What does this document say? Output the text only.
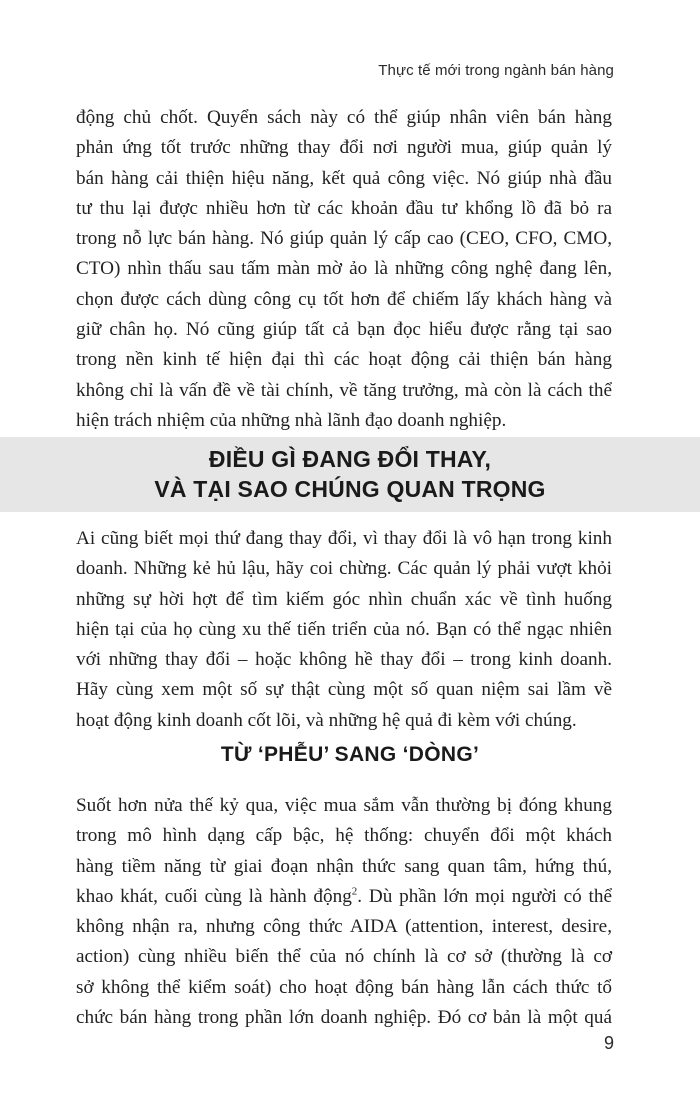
Thực tế mới trong ngành bán hàng

động chủ chốt. Quyển sách này có thể giúp nhân viên bán hàng
phản ứng tốt trước những thay đổi nơi người mua, giúp quản lý
bán hàng cải thiện hiệu năng, kết quả công việc. Nó giúp nhà đầu
tư thu lại được nhiều hơn từ các khoản đầu tư khổng lồ đã bỏ ra
trong nỗ lực bán hàng. Nó giúp quản lý cấp cao (CEO, CFO, CMO,
CTO) nhìn thấu sau tấm màn mờ ảo là những công nghệ đang lên,
chọn được cách dùng công cụ tốt hơn để chiếm lấy khách hàng và
giữ chân họ. Nó cũng giúp tất cả bạn đọc hiểu được rằng tại sao
trong nền kinh tế hiện đại thì các hoạt động cải thiện bán hàng
không chỉ là vấn đề về tài chính, về tăng trưởng, mà còn là cách thể
hiện trách nhiệm của những nhà lãnh đạo doanh nghiệp.

ĐIỀU GÌ ĐANG ĐỔI THAY,
VÀ TẠI SAO CHÚNG QUAN TRỌNG

Ai cũng biết mọi thứ đang thay đổi, vì thay đổi là vô hạn trong kinh
doanh. Những kẻ hủ lậu, hãy coi chừng. Các quản lý phải vượt khỏi
những sự hời hợt để tìm kiếm góc nhìn chuẩn xác về tình huống
hiện tại của họ cùng xu thế tiến triển của nó. Bạn có thể ngạc nhiên
với những thay đổi – hoặc không hề thay đổi – trong kinh doanh.
Hãy cùng xem một số sự thật cùng một số quan niệm sai lầm về
hoạt động kinh doanh cốt lõi, và những hệ quả đi kèm với chúng.

TỪ ‘PHỄU’ SANG ‘DÒNG’

Suốt hơn nửa thế kỷ qua, việc mua sắm vẫn thường bị đóng khung
trong mô hình dạng cấp bậc, hệ thống: chuyển đổi một khách
hàng tiềm năng từ giai đoạn nhận thức sang quan tâm, hứng thú,
khao khát, cuối cùng là hành động$^2$. Dù phần lớn mọi người có thể
không nhận ra, nhưng công thức AIDA (attention, interest, desire,
action) cùng nhiều biến thể của nó chính là cơ sở (thường là cơ
sở không thể kiểm soát) cho hoạt động bán hàng lẫn cách thức tổ
chức bán hàng trong phần lớn doanh nghiệp. Đó cơ bản là một quá

9
